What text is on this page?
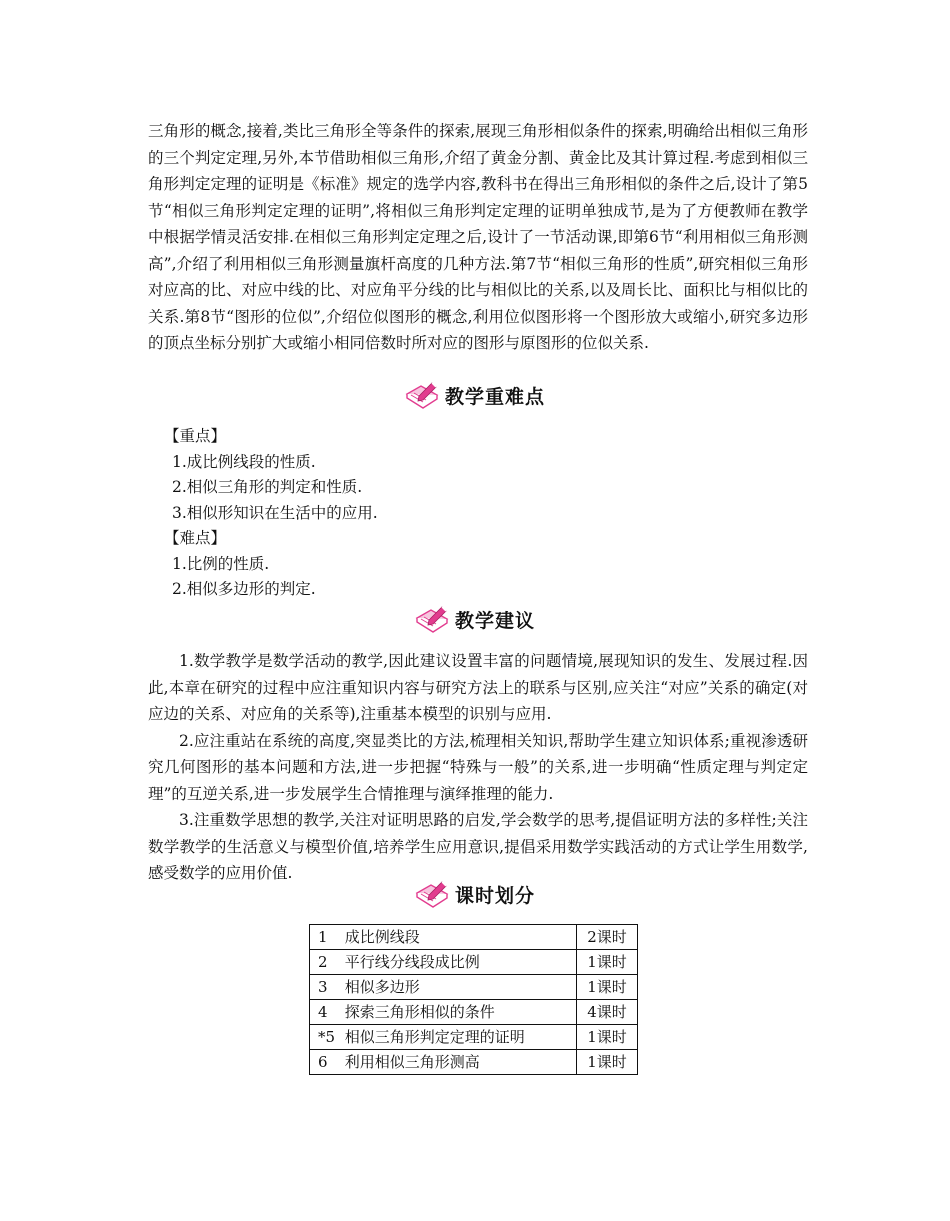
三角形的概念,接着,类比三角形全等条件的探索,展现三角形相似条件的探索,明确给出相似三角形的三个判定定理,另外,本节借助相似三角形,介绍了黄金分割、黄金比及其计算过程.考虑到相似三角形判定定理的证明是《标准》规定的选学内容,教科书在得出三角形相似的条件之后,设计了第5节“相似三角形判定定理的证明”,将相似三角形判定定理的证明单独成节,是为了方便教师在教学中根据学情灵活安排.在相似三角形判定定理之后,设计了一节活动课,即第6节“利用相似三角形测高”,介绍了利用相似三角形测量旗杆高度的几种方法.第7节“相似三角形的性质”,研究相似三角形对应高的比、对应中线的比、对应角平分线的比与相似比的关系,以及周长比、面积比与相似比的关系.第8节“图形的位似”,介绍位似图形的概念,利用位似图形将一个图形放大或缩小,研究多边形的顶点坐标分别扩大或缩小相同倍数时所对应的图形与原图形的位似关系.

教学重难点
【重点】
1.成比例线段的性质.
2.相似三角形的判定和性质.
3.相似形知识在生活中的应用.
【难点】
1.比例的性质.
2.相似多边形的判定.
教学建议

1.数学教学是数学活动的教学,因此建议设置丰富的问题情境,展现知识的发生、发展过程.因此,本章在研究的过程中应注重知识内容与研究方法上的联系与区别,应关注“对应”关系的确定(对应边的关系、对应角的关系等),注重基本模型的识别与应用.

2.应注重站在系统的高度,突显类比的方法,梳理相关知识,帮助学生建立知识体系;重视渗透研究几何图形的基本问题和方法,进一步把握“特殊与一般”的关系,进一步明确“性质定理与判定定理”的互逆关系,进一步发展学生合情推理与演绎推理的能力.

3.注重数学思想的教学,关注对证明思路的启发,学会数学的思考,提倡证明方法的多样性;关注数学教学的生活意义与模型价值,培养学生应用意识,提倡采用数学实践活动的方式让学生用数学,感受数学的应用价值.

课时划分
1 成比例线段	2课时
2 平行线分线段成比例	1课时
3 相似多边形	1课时
4 探索三角形相似的条件	4课时
*5 相似三角形判定定理的证明	1课时
6 利用相似三角形测高	1课时
